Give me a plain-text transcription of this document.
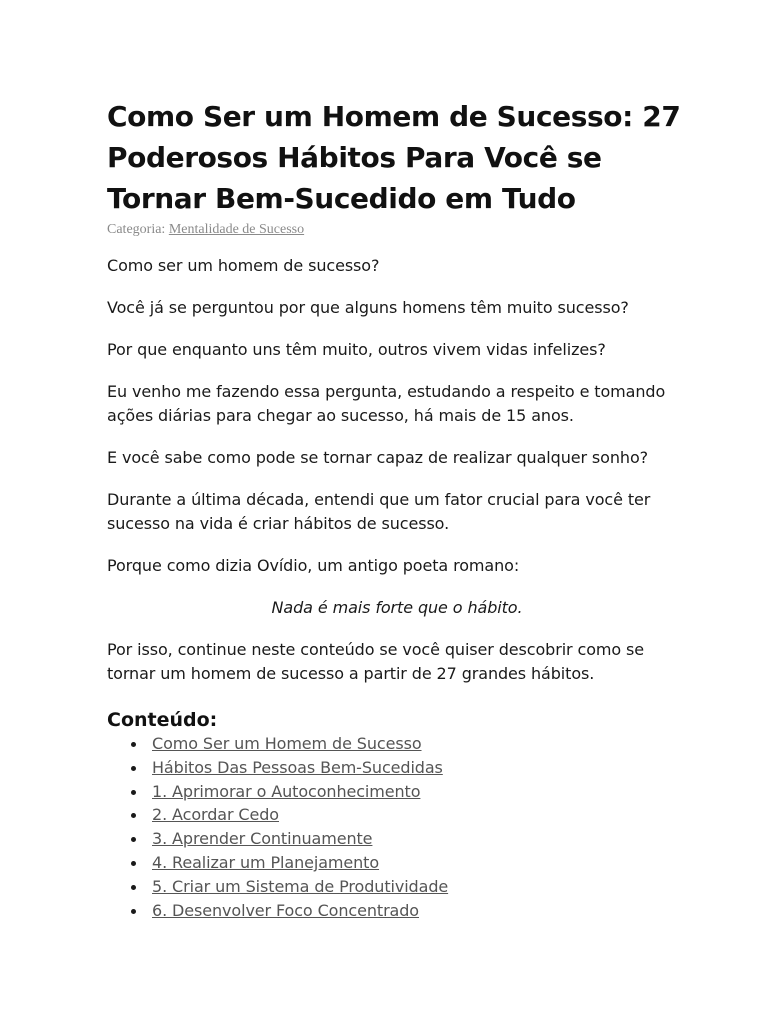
Como Ser um Homem de Sucesso: 27 Poderosos Hábitos Para Você se Tornar Bem-Sucedido em Tudo
Categoria: Mentalidade de Sucesso

Como ser um homem de sucesso?

Você já se perguntou por que alguns homens têm muito sucesso?

Por que enquanto uns têm muito, outros vivem vidas infelizes?

Eu venho me fazendo essa pergunta, estudando a respeito e tomando ações diárias para chegar ao sucesso, há mais de 15 anos.

E você sabe como pode se tornar capaz de realizar qualquer sonho?

Durante a última década, entendi que um fator crucial para você ter sucesso na vida é criar hábitos de sucesso.

Porque como dizia Ovídio, um antigo poeta romano:

Nada é mais forte que o hábito.

Por isso, continue neste conteúdo se você quiser descobrir como se tornar um homem de sucesso a partir de 27 grandes hábitos.

Conteúdo:
Como Ser um Homem de Sucesso
Hábitos Das Pessoas Bem-Sucedidas
1. Aprimorar o Autoconhecimento
2. Acordar Cedo
3. Aprender Continuamente
4. Realizar um Planejamento
5. Criar um Sistema de Produtividade
6. Desenvolver Foco Concentrado
